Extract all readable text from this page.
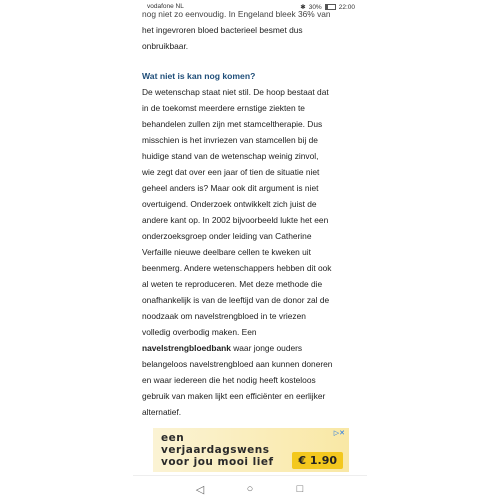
vodafone NL	✱ 30%	22:00

nog niet zo eenvoudig. In Engeland bleek 36% van
het ingevroren bloed bacterieel besmet dus
onbruikbaar.

Wat niet is kan nog komen?

De wetenschap staat niet stil. De hoop bestaat dat
in de toekomst meerdere ernstige ziekten te
behandelen zullen zijn met stamceltherapie. Dus
misschien is het invriezen van stamcellen bij de
huidige stand van de wetenschap weinig zinvol,
wie zegt dat over een jaar of tien de situatie niet
geheel anders is? Maar ook dit argument is niet
overtuigend. Onderzoek ontwikkelt zich juist de
andere kant op. In 2002 bijvoorbeeld lukte het een
onderzoeksgroep onder leiding van Catherine
Verfaille nieuwe deelbare cellen te kweken uit
beenmerg. Andere wetenschappers hebben dit ook
al weten te reproduceren. Met deze methode die
onafhankelijk is van de leeftijd van de donor zal de
noodzaak om navelstrengbloed in te vriezen
volledig overbodig maken. Een
navelstrengbloedbank waar jonge ouders
belangeloos navelstrengbloed aan kunnen doneren
en waar iedereen die het nodig heeft kosteloos
gebruik van maken lijkt een efficiënter en eerlijker
alternatief.

een
verjaardagswens
voor jou mooi lief	€ 1.90
▷✕
◁	○	□
